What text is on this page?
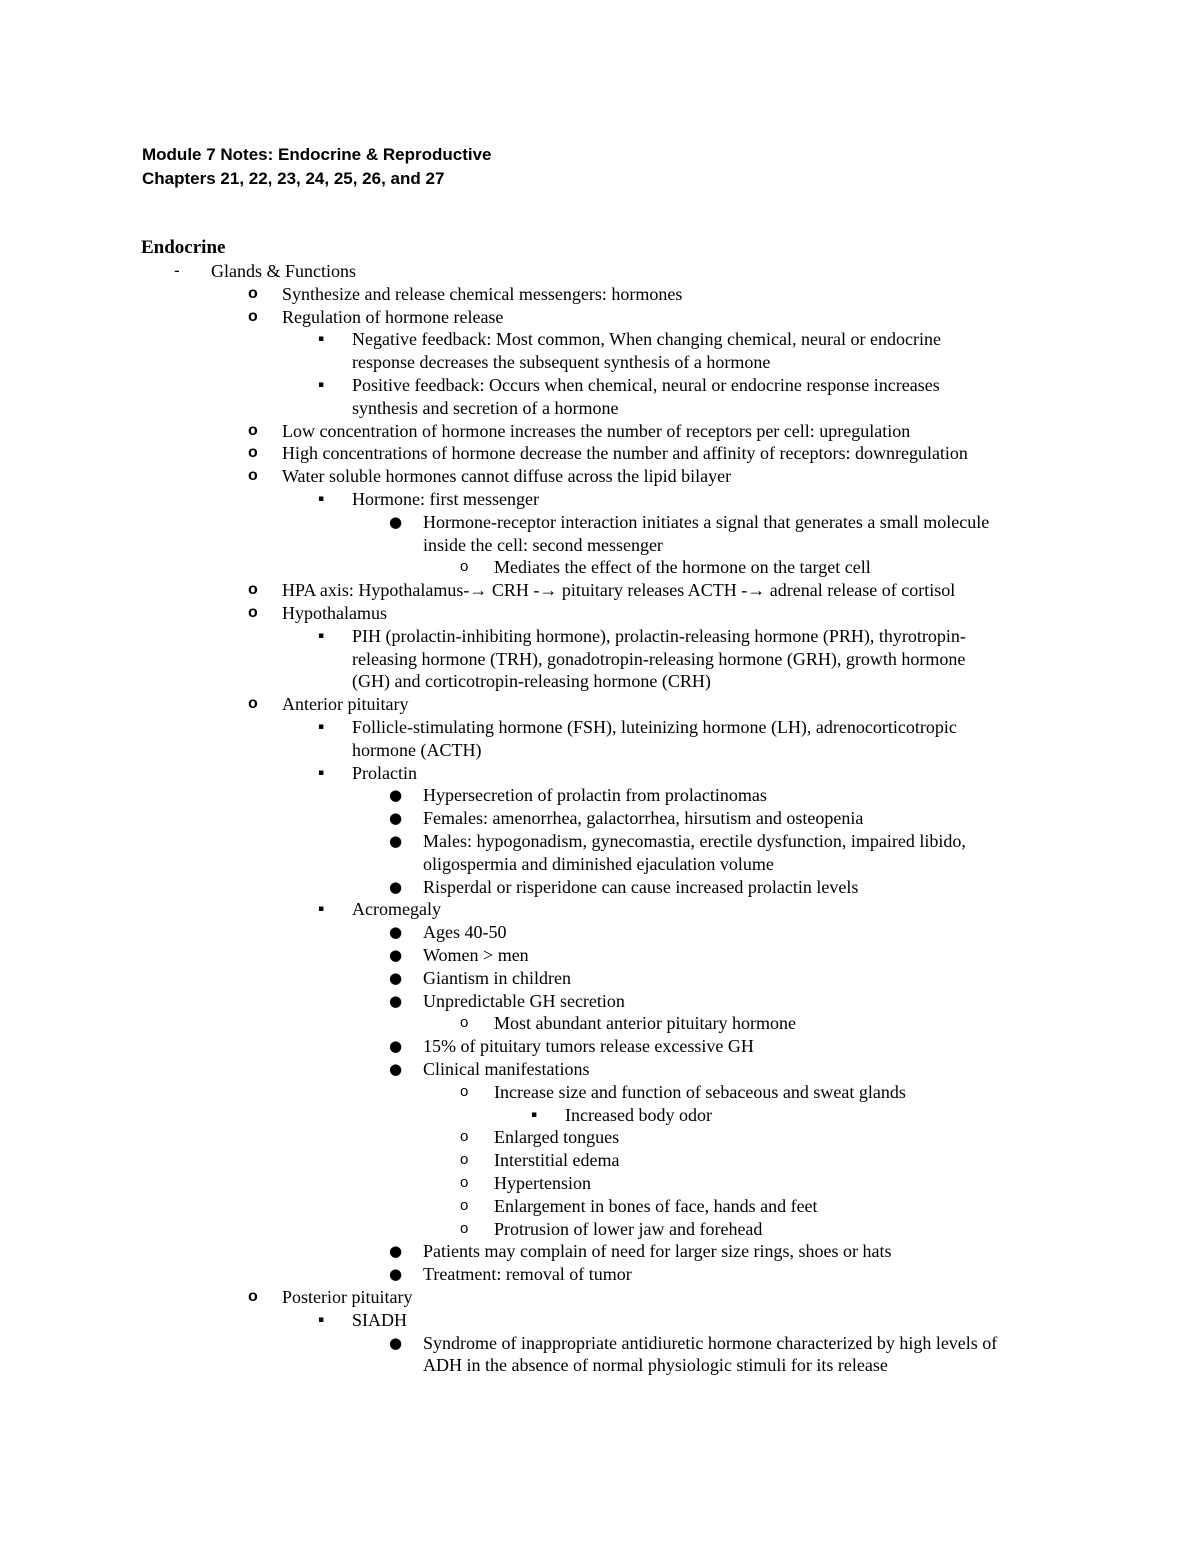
Module 7 Notes: Endocrine & Reproductive
Chapters 21, 22, 23, 24, 25, 26, and 27
Endocrine
Glands & Functions
-
Synthesize and release chemical messengers: hormones
o
Regulation of hormone release
o
Negative feedback: Most common, When changing chemical, neural or endocrine
▪
response decreases the subsequent synthesis of a hormone
Positive feedback: Occurs when chemical, neural or endocrine response increases
▪
synthesis and secretion of a hormone
Low concentration of hormone increases the number of receptors per cell: upregulation
o
High concentrations of hormone decrease the number and affinity of receptors: downregulation
o
Water soluble hormones cannot diffuse across the lipid bilayer
o
Hormone: first messenger
▪
Hormone-receptor interaction initiates a signal that generates a small molecule
●
inside the cell: second messenger
Mediates the effect of the hormone on the target cell
o
HPA axis: Hypothalamus-→ CRH -→ pituitary releases ACTH -→ adrenal release of cortisol
o
Hypothalamus
o
PIH (prolactin-inhibiting hormone), prolactin-releasing hormone (PRH), thyrotropin-
▪
releasing hormone (TRH), gonadotropin-releasing hormone (GRH), growth hormone
(GH) and corticotropin-releasing hormone (CRH)
Anterior pituitary
o
Follicle-stimulating hormone (FSH), luteinizing hormone (LH), adrenocorticotropic
▪
hormone (ACTH)
Prolactin
▪
Hypersecretion of prolactin from prolactinomas
●
Females: amenorrhea, galactorrhea, hirsutism and osteopenia
●
Males: hypogonadism, gynecomastia, erectile dysfunction, impaired libido,
●
oligospermia and diminished ejaculation volume
Risperdal or risperidone can cause increased prolactin levels
●
Acromegaly
▪
Ages 40-50
●
Women > men
●
Giantism in children
●
Unpredictable GH secretion
●
Most abundant anterior pituitary hormone
o
15% of pituitary tumors release excessive GH
●
Clinical manifestations
●
Increase size and function of sebaceous and sweat glands
o
Increased body odor
▪
Enlarged tongues
o
Interstitial edema
o
Hypertension
o
Enlargement in bones of face, hands and feet
o
Protrusion of lower jaw and forehead
o
Patients may complain of need for larger size rings, shoes or hats
●
Treatment: removal of tumor
●
Posterior pituitary
o
SIADH
▪
Syndrome of inappropriate antidiuretic hormone characterized by high levels of
●
ADH in the absence of normal physiologic stimuli for its release
